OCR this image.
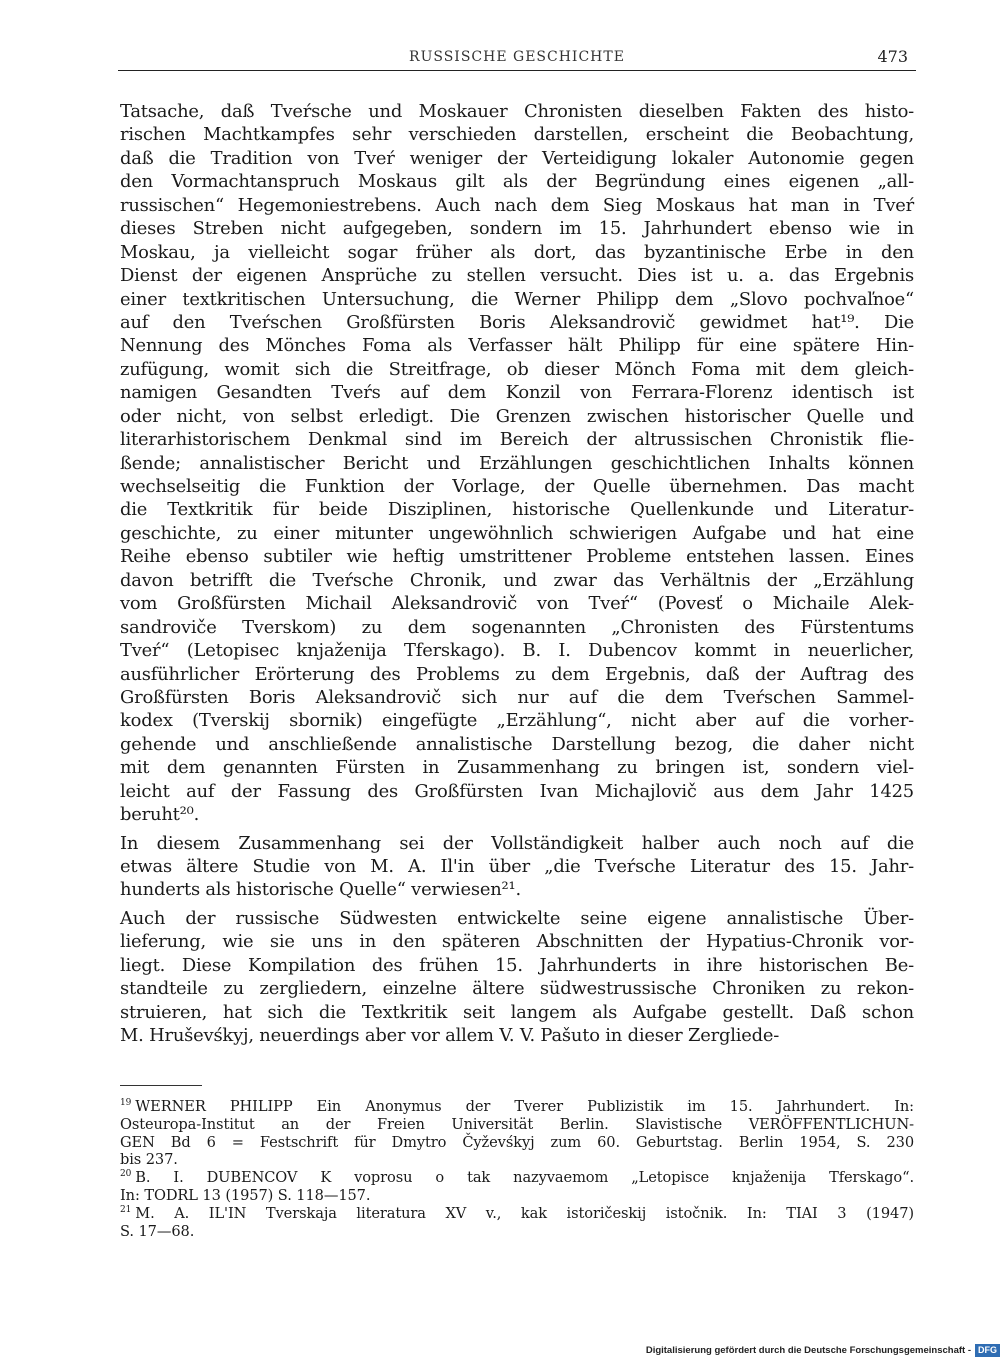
RUSSISCHE GESCHICHTE	473
Tatsache, daß Tveŕsche und Moskauer Chronisten dieselben Fakten des histo-
rischen Machtkampfes sehr verschieden darstellen, erscheint die Beobachtung,
daß die Tradition von Tveŕ weniger der Verteidigung lokaler Autonomie gegen
den Vormachtanspruch Moskaus gilt als der Begründung eines eigenen „all-
russischen“ Hegemoniestrebens. Auch nach dem Sieg Moskaus hat man in Tveŕ
dieses Streben nicht aufgegeben, sondern im 15. Jahrhundert ebenso wie in
Moskau, ja vielleicht sogar früher als dort, das byzantinische Erbe in den
Dienst der eigenen Ansprüche zu stellen versucht. Dies ist u. a. das Ergebnis
einer textkritischen Untersuchung, die Werner Philipp dem „Slovo pochvaľnoe“
auf den Tveŕschen Großfürsten Boris Aleksandrovič gewidmet hat¹⁹. Die
Nennung des Mönches Foma als Verfasser hält Philipp für eine spätere Hin-
zufügung, womit sich die Streitfrage, ob dieser Mönch Foma mit dem gleich-
namigen Gesandten Tveŕs auf dem Konzil von Ferrara-Florenz identisch ist
oder nicht, von selbst erledigt. Die Grenzen zwischen historischer Quelle und
literarhistorischem Denkmal sind im Bereich der altrussischen Chronistik flie-
ßende; annalistischer Bericht und Erzählungen geschichtlichen Inhalts können
wechselseitig die Funktion der Vorlage, der Quelle übernehmen. Das macht
die Textkritik für beide Disziplinen, historische Quellenkunde und Literatur-
geschichte, zu einer mitunter ungewöhnlich schwierigen Aufgabe und hat eine
Reihe ebenso subtiler wie heftig umstrittener Probleme entstehen lassen. Eines
davon betrifft die Tveŕsche Chronik, und zwar das Verhältnis der „Erzählung
vom Großfürsten Michail Aleksandrovič von Tveŕ“ (Povesť o Michaile Alek-
sandroviče Tverskom) zu dem sogenannten „Chronisten des Fürstentums
Tveŕ“ (Letopisec knjaženija Tferskago). B. I. Dubencov kommt in neuerlicher,
ausführlicher Erörterung des Problems zu dem Ergebnis, daß der Auftrag des
Großfürsten Boris Aleksandrovič sich nur auf die dem Tveŕschen Sammel-
kodex (Tverskij sbornik) eingefügte „Erzählung“, nicht aber auf die vorher-
gehende und anschließende annalistische Darstellung bezog, die daher nicht
mit dem genannten Fürsten in Zusammenhang zu bringen ist, sondern viel-
leicht auf der Fassung des Großfürsten Ivan Michajlovič aus dem Jahr 1425
beruht²⁰.
In diesem Zusammenhang sei der Vollständigkeit halber auch noch auf die
etwas ältere Studie von M. A. Il'in über „die Tveŕsche Literatur des 15. Jahr-
hunderts als historische Quelle“ verwiesen²¹.
Auch der russische Südwesten entwickelte seine eigene annalistische Über-
lieferung, wie sie uns in den späteren Abschnitten der Hypatius-Chronik vor-
liegt. Diese Kompilation des frühen 15. Jahrhunderts in ihre historischen Be-
standteile zu zergliedern, einzelne ältere südwestrussische Chroniken zu rekon-
struieren, hat sich die Textkritik seit langem als Aufgabe gestellt. Daß schon
M. Hruševśkyj, neuerdings aber vor allem V. V. Pašuto in dieser Zergliede-
$^{19}$ WERNER PHILIPP Ein Anonymus der Tverer Publizistik im 15. Jahrhundert. In:
Osteuropa-Institut an der Freien Universität Berlin. Slavistische VERÖFFENTLICHUN-
GEN Bd 6 = Festschrift für Dmytro Čyževśkyj zum 60. Geburtstag. Berlin 1954, S. 230
bis 237.
$^{20}$ B. I. DUBENCOV K voprosu o tak nazyvaemom „Letopisce knjaženija Tferskago“.
In: TODRL 13 (1957) S. 118—157.
$^{21}$ M. A. IL'IN Tverskaja literatura XV v., kak istoričeskij istočnik. In: TIAI 3 (1947)
S. 17—68.
Digitalisierung gefördert durch die Deutsche Forschungsgemeinschaft - DFG
